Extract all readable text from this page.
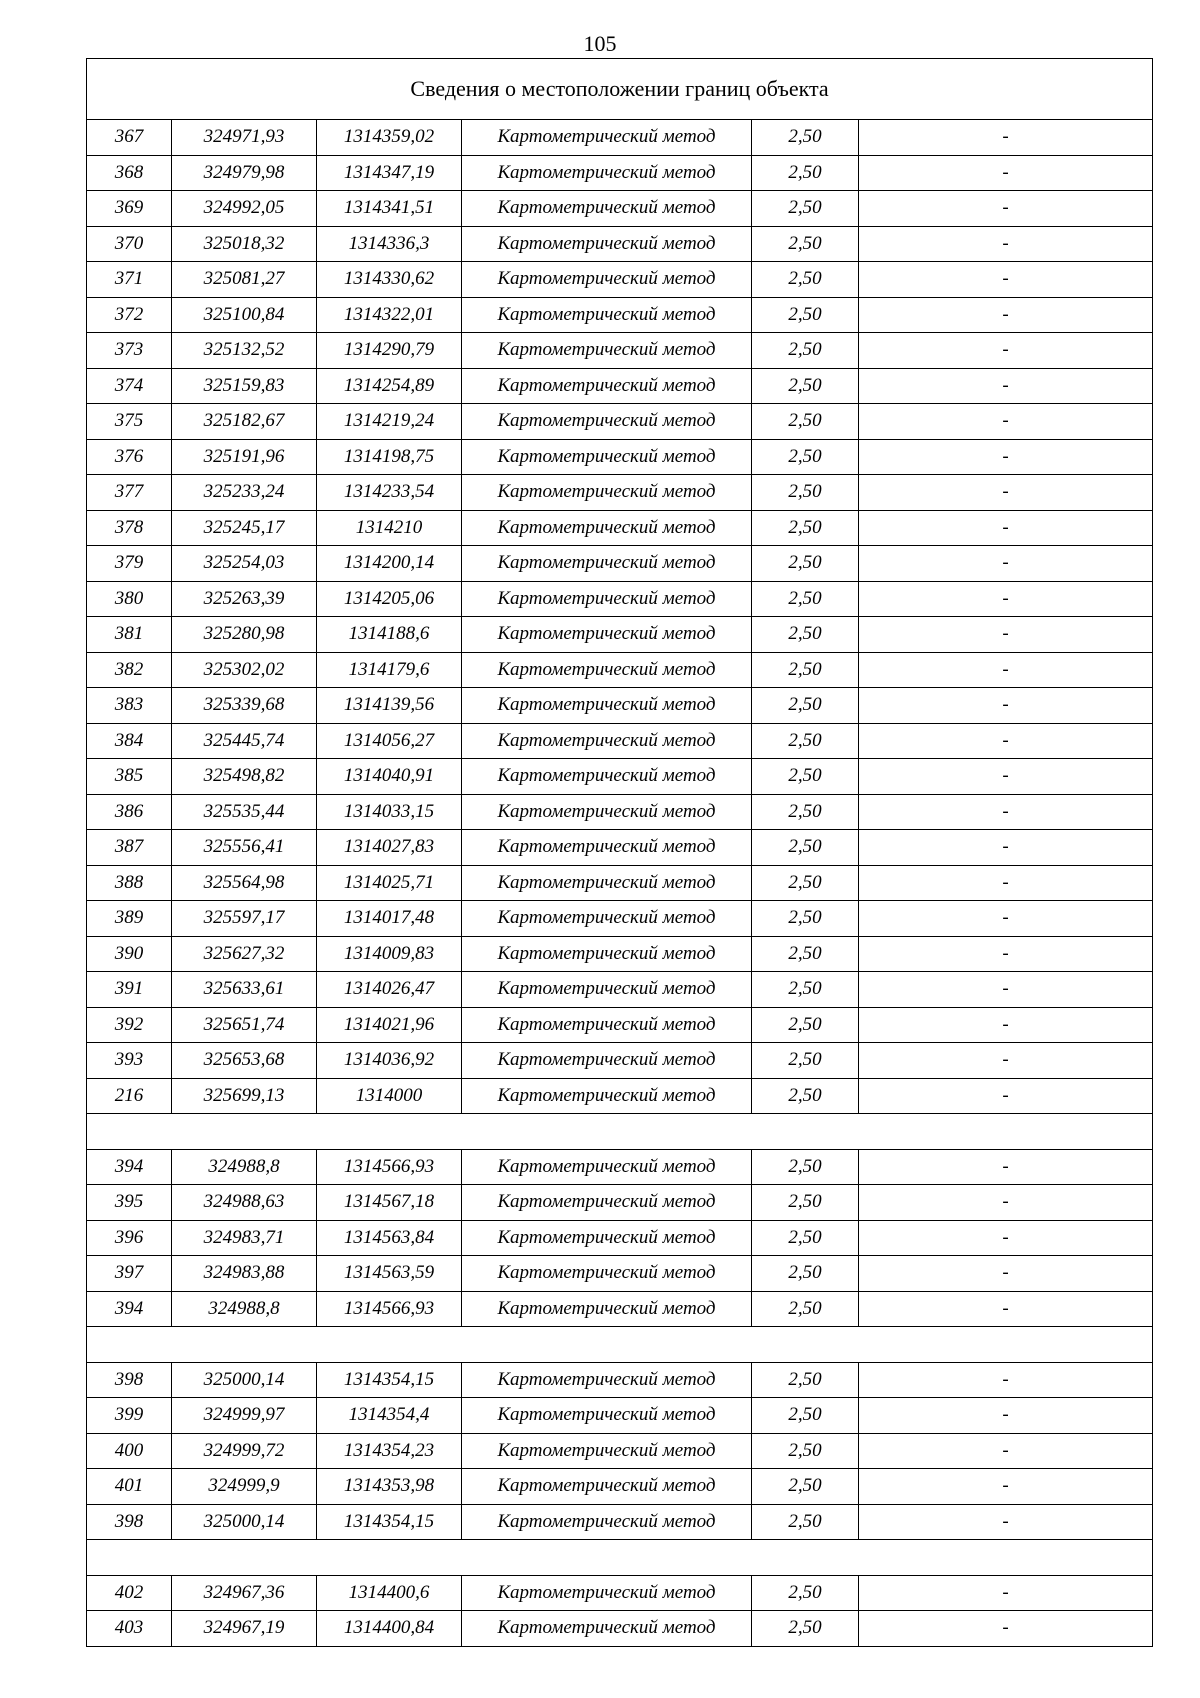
105
Сведения о местоположении границ объекта					
367	324971,93	1314359,02	Картометрический метод	2,50	-
368	324979,98	1314347,19	Картометрический метод	2,50	-
369	324992,05	1314341,51	Картометрический метод	2,50	-
370	325018,32	1314336,3	Картометрический метод	2,50	-
371	325081,27	1314330,62	Картометрический метод	2,50	-
372	325100,84	1314322,01	Картометрический метод	2,50	-
373	325132,52	1314290,79	Картометрический метод	2,50	-
374	325159,83	1314254,89	Картометрический метод	2,50	-
375	325182,67	1314219,24	Картометрический метод	2,50	-
376	325191,96	1314198,75	Картометрический метод	2,50	-
377	325233,24	1314233,54	Картометрический метод	2,50	-
378	325245,17	1314210	Картометрический метод	2,50	-
379	325254,03	1314200,14	Картометрический метод	2,50	-
380	325263,39	1314205,06	Картометрический метод	2,50	-
381	325280,98	1314188,6	Картометрический метод	2,50	-
382	325302,02	1314179,6	Картометрический метод	2,50	-
383	325339,68	1314139,56	Картометрический метод	2,50	-
384	325445,74	1314056,27	Картометрический метод	2,50	-
385	325498,82	1314040,91	Картометрический метод	2,50	-
386	325535,44	1314033,15	Картометрический метод	2,50	-
387	325556,41	1314027,83	Картометрический метод	2,50	-
388	325564,98	1314025,71	Картометрический метод	2,50	-
389	325597,17	1314017,48	Картометрический метод	2,50	-
390	325627,32	1314009,83	Картометрический метод	2,50	-
391	325633,61	1314026,47	Картометрический метод	2,50	-
392	325651,74	1314021,96	Картометрический метод	2,50	-
393	325653,68	1314036,92	Картометрический метод	2,50	-
216	325699,13	1314000	Картометрический метод	2,50	-

394	324988,8	1314566,93	Картометрический метод	2,50	-
395	324988,63	1314567,18	Картометрический метод	2,50	-
396	324983,71	1314563,84	Картометрический метод	2,50	-
397	324983,88	1314563,59	Картометрический метод	2,50	-
394	324988,8	1314566,93	Картометрический метод	2,50	-

398	325000,14	1314354,15	Картометрический метод	2,50	-
399	324999,97	1314354,4	Картометрический метод	2,50	-
400	324999,72	1314354,23	Картометрический метод	2,50	-
401	324999,9	1314353,98	Картометрический метод	2,50	-
398	325000,14	1314354,15	Картометрический метод	2,50	-

402	324967,36	1314400,6	Картометрический метод	2,50	-
403	324967,19	1314400,84	Картометрический метод	2,50	-
